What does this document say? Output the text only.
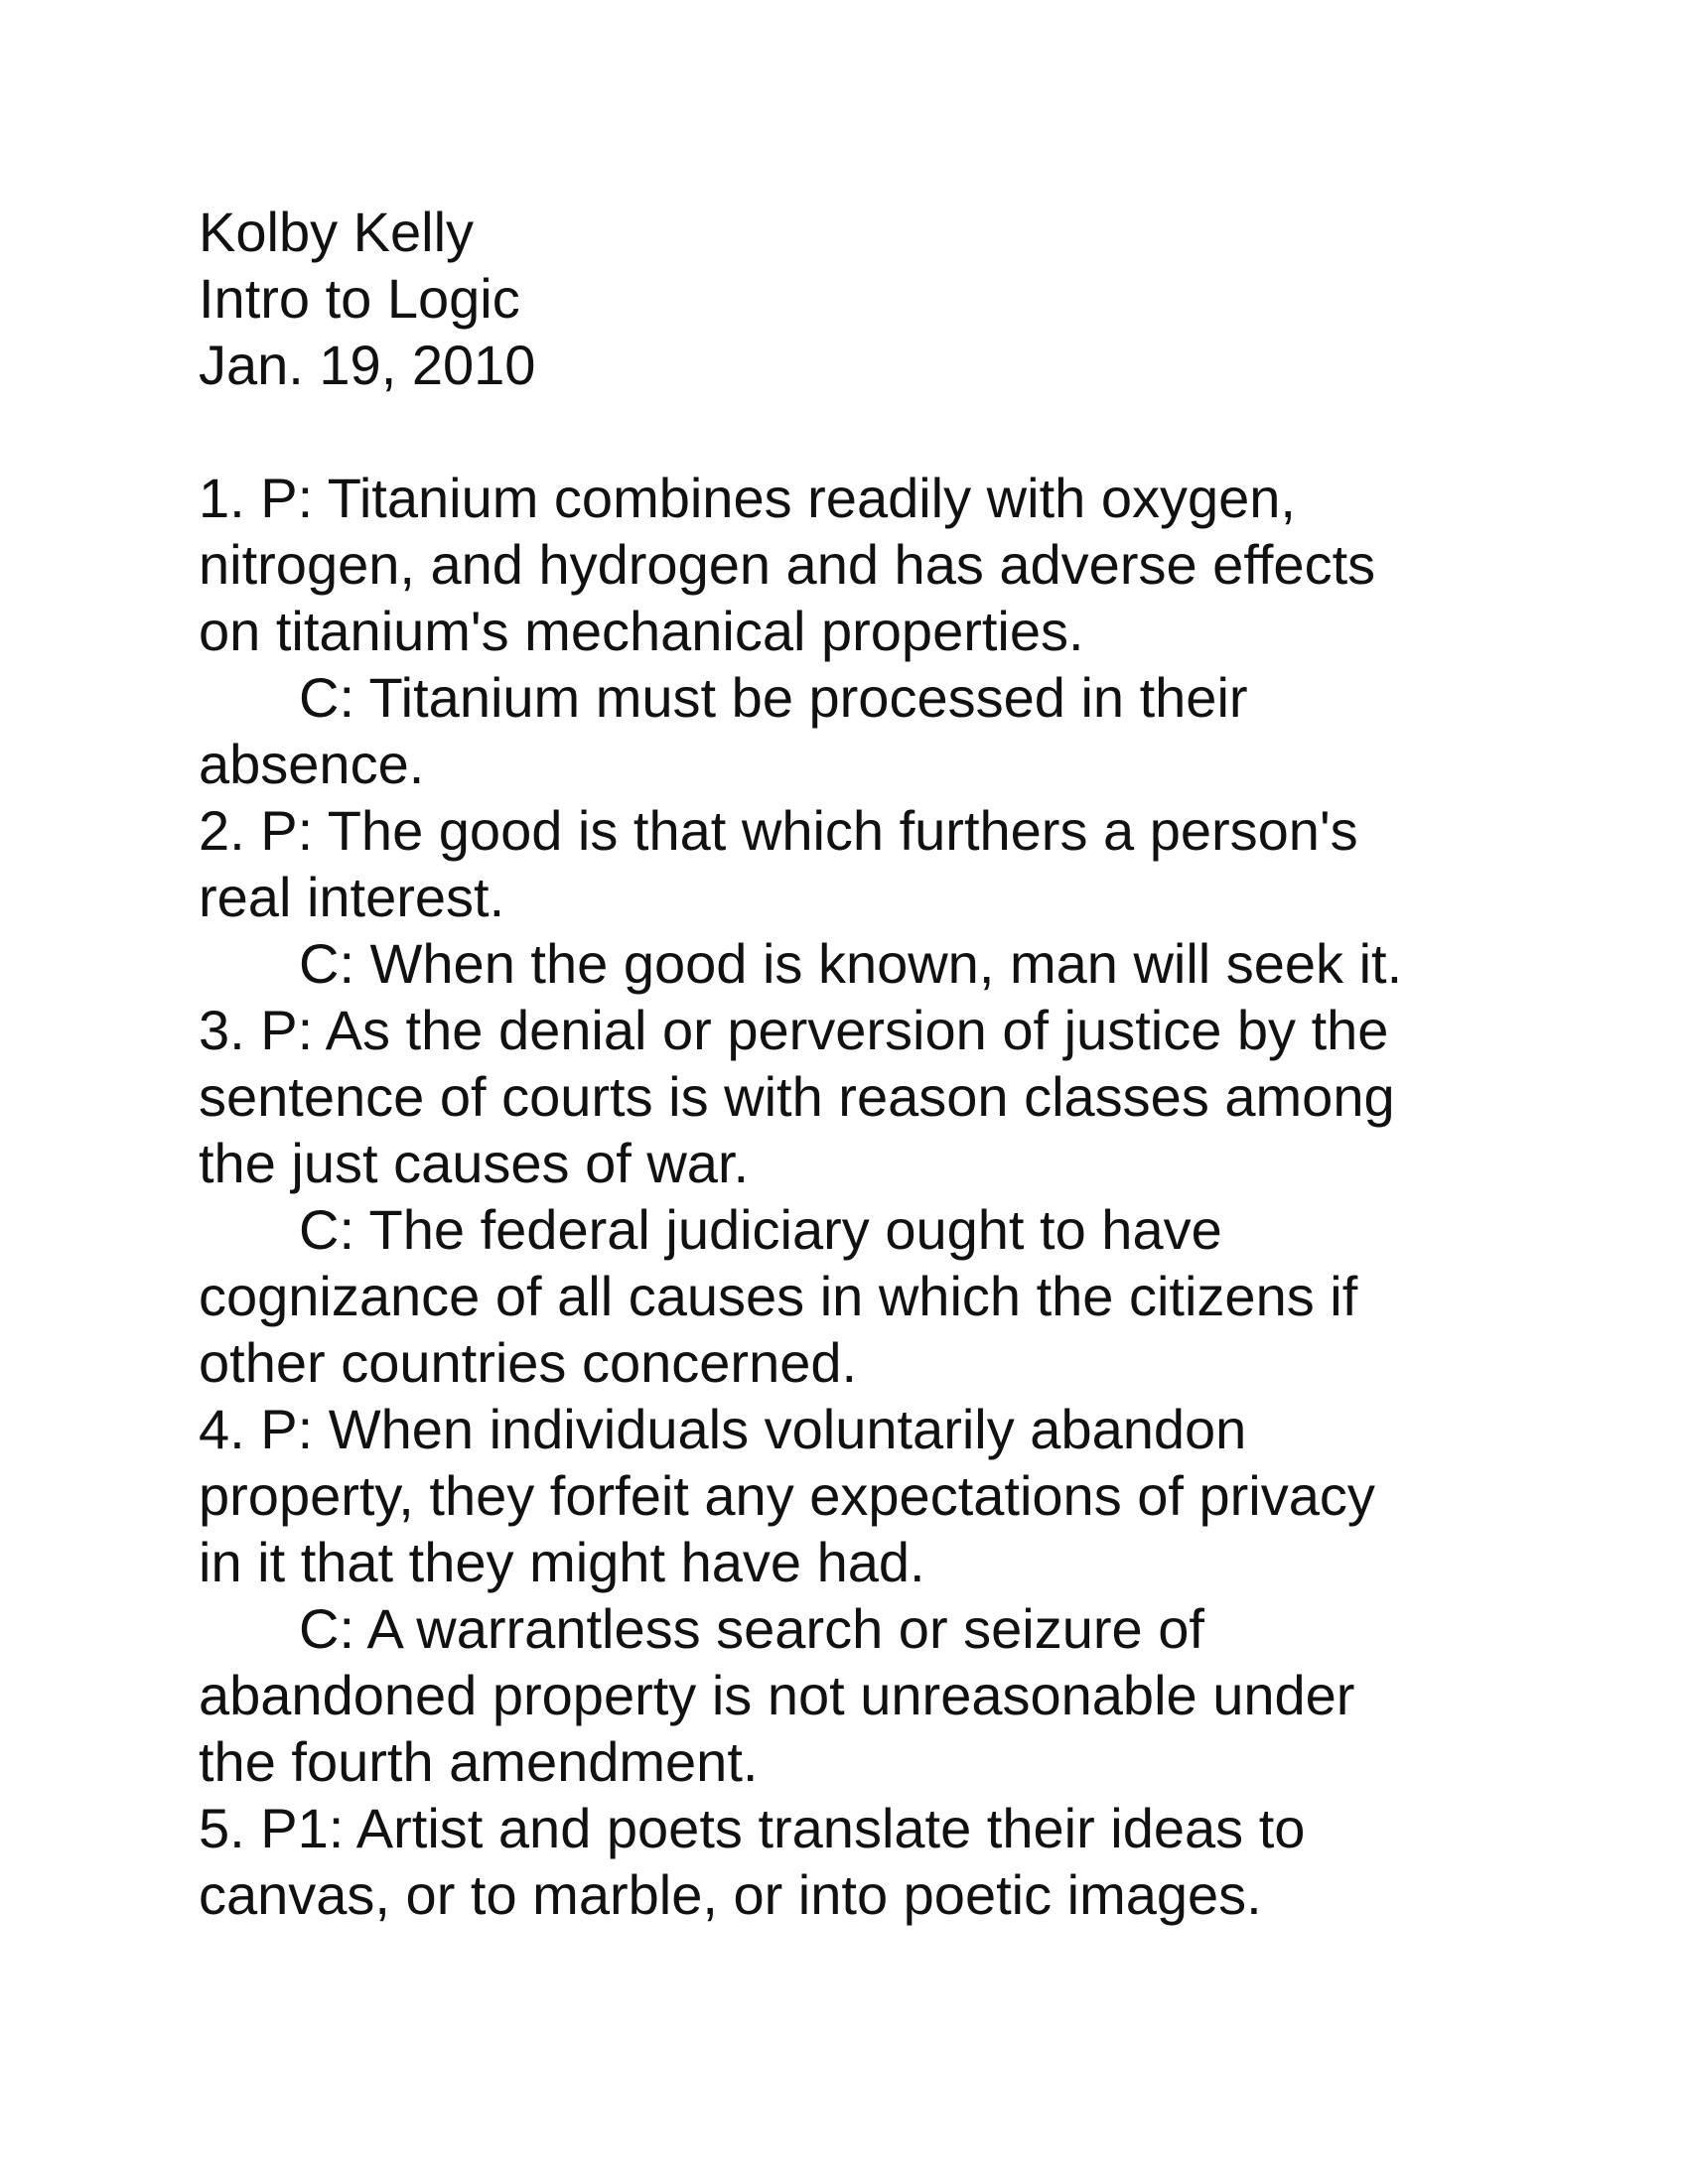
Kolby Kelly
Intro to Logic
Jan. 19, 2010
1. P: Titanium combines readily with oxygen,
nitrogen, and hydrogen and has adverse effects
on titanium's mechanical properties.
C: Titanium must be processed in their
absence.
2. P: The good is that which furthers a person's
real interest.
C: When the good is known, man will seek it.
3. P: As the denial or perversion of justice by the
sentence of courts is with reason classes among
the just causes of war.
C: The federal judiciary ought to have
cognizance of all causes in which the citizens if
other countries concerned.
4. P: When individuals voluntarily abandon
property, they forfeit any expectations of privacy
in it that they might have had.
C: A warrantless search or seizure of
abandoned property is not unreasonable under
the fourth amendment.
5. P1: Artist and poets translate their ideas to
canvas, or to marble, or into poetic images.
